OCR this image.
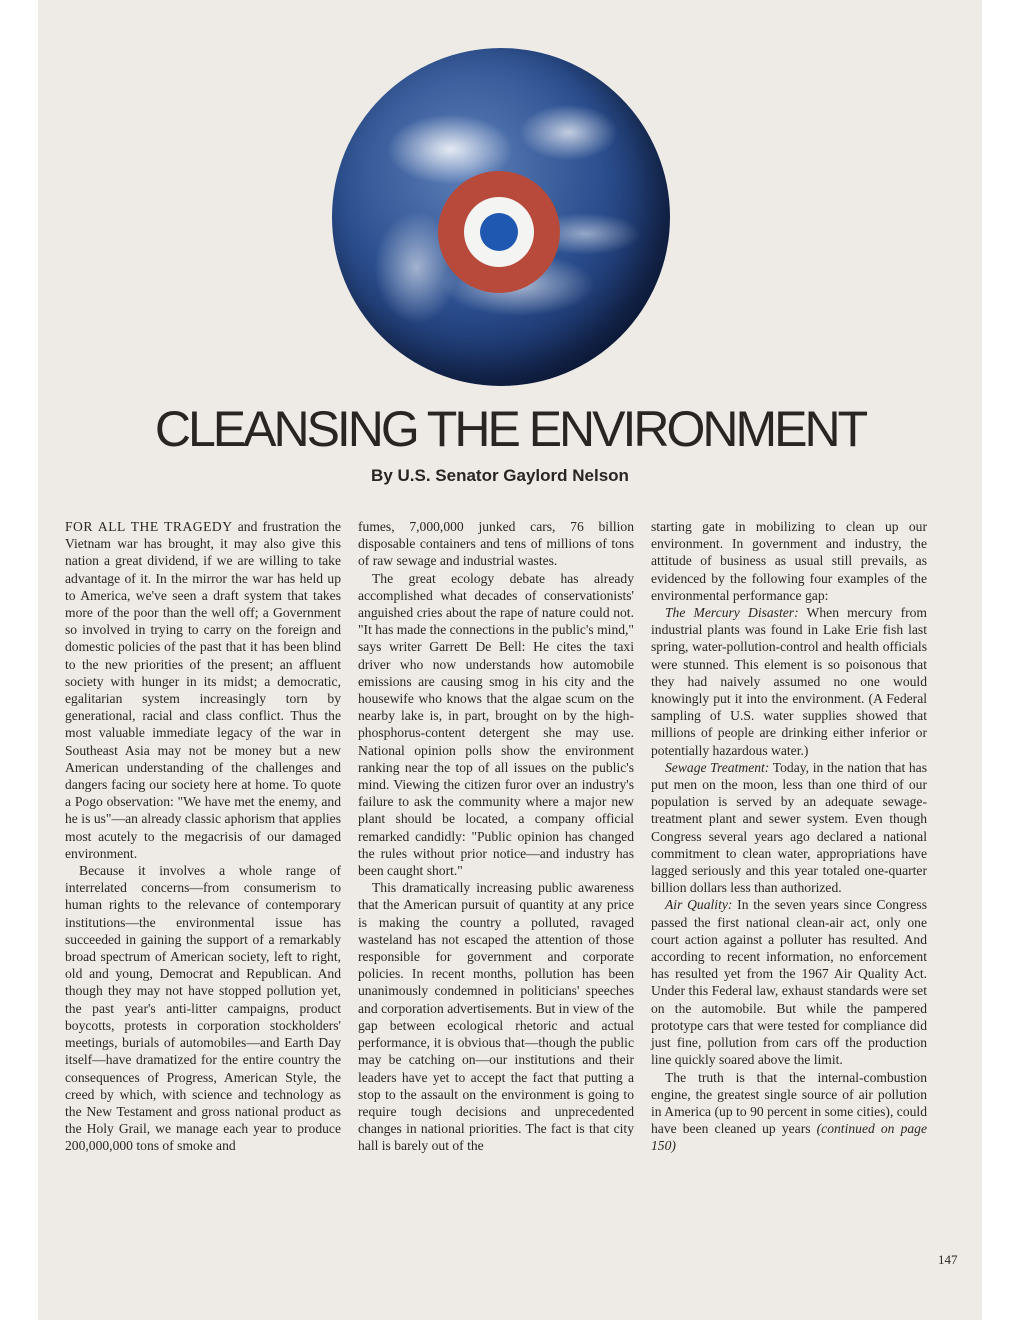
CLEANSING THE ENVIRONMENT
By U.S. Senator Gaylord Nelson

FOR ALL THE TRAGEDY and frustration the Vietnam war has brought, it may also give this nation a great dividend, if we are willing to take advantage of it. In the mirror the war has held up to America, we've seen a draft system that takes more of the poor than the well off; a Government so involved in trying to carry on the foreign and domestic policies of the past that it has been blind to the new priorities of the present; an affluent society with hunger in its midst; a democratic, egalitarian system increasingly torn by generational, racial and class conflict. Thus the most valuable immediate legacy of the war in Southeast Asia may not be money but a new American understanding of the challenges and dangers facing our society here at home. To quote a Pogo observation: "We have met the enemy, and he is us"—an already classic aphorism that applies most acutely to the megacrisis of our damaged environment.

Because it involves a whole range of interrelated concerns—from consumerism to human rights to the relevance of contemporary institutions—the environmental issue has succeeded in gaining the support of a remarkably broad spectrum of American society, left to right, old and young, Democrat and Republican. And though they may not have stopped pollution yet, the past year's anti-litter campaigns, product boycotts, protests in corporation stockholders' meetings, burials of automobiles—and Earth Day itself—have dramatized for the entire country the consequences of Progress, American Style, the creed by which, with science and technology as the New Testament and gross national product as the Holy Grail, we manage each year to produce 200,000,000 tons of smoke and

fumes, 7,000,000 junked cars, 76 billion disposable containers and tens of millions of tons of raw sewage and industrial wastes.

The great ecology debate has already accomplished what decades of conservationists' anguished cries about the rape of nature could not. "It has made the connections in the public's mind," says writer Garrett De Bell: He cites the taxi driver who now understands how automobile emissions are causing smog in his city and the housewife who knows that the algae scum on the nearby lake is, in part, brought on by the high-phosphorus-content detergent she may use. National opinion polls show the environment ranking near the top of all issues on the public's mind. Viewing the citizen furor over an industry's failure to ask the community where a major new plant should be located, a company official remarked candidly: "Public opinion has changed the rules without prior notice—and industry has been caught short."

This dramatically increasing public awareness that the American pursuit of quantity at any price is making the country a polluted, ravaged wasteland has not escaped the attention of those responsible for government and corporate policies. In recent months, pollution has been unanimously condemned in politicians' speeches and corporation advertisements. But in view of the gap between ecological rhetoric and actual performance, it is obvious that—though the public may be catching on—our institutions and their leaders have yet to accept the fact that putting a stop to the assault on the environment is going to require tough decisions and unprecedented changes in national priorities. The fact is that city hall is barely out of the

starting gate in mobilizing to clean up our environment. In government and industry, the attitude of business as usual still prevails, as evidenced by the following four examples of the environmental performance gap:

The Mercury Disaster: When mercury from industrial plants was found in Lake Erie fish last spring, water-pollution-control and health officials were stunned. This element is so poisonous that they had naively assumed no one would knowingly put it into the environment. (A Federal sampling of U.S. water supplies showed that millions of people are drinking either inferior or potentially hazardous water.)

Sewage Treatment: Today, in the nation that has put men on the moon, less than one third of our population is served by an adequate sewage-treatment plant and sewer system. Even though Congress several years ago declared a national commitment to clean water, appropriations have lagged seriously and this year totaled one-quarter billion dollars less than authorized.

Air Quality: In the seven years since Congress passed the first national clean-air act, only one court action against a polluter has resulted. And according to recent information, no enforcement has resulted yet from the 1967 Air Quality Act. Under this Federal law, exhaust standards were set on the automobile. But while the pampered prototype cars that were tested for compliance did just fine, pollution from cars off the production line quickly soared above the limit.

The truth is that the internal-combustion engine, the greatest single source of air pollution in America (up to 90 percent in some cities), could have been cleaned up years (continued on page 150)

147
